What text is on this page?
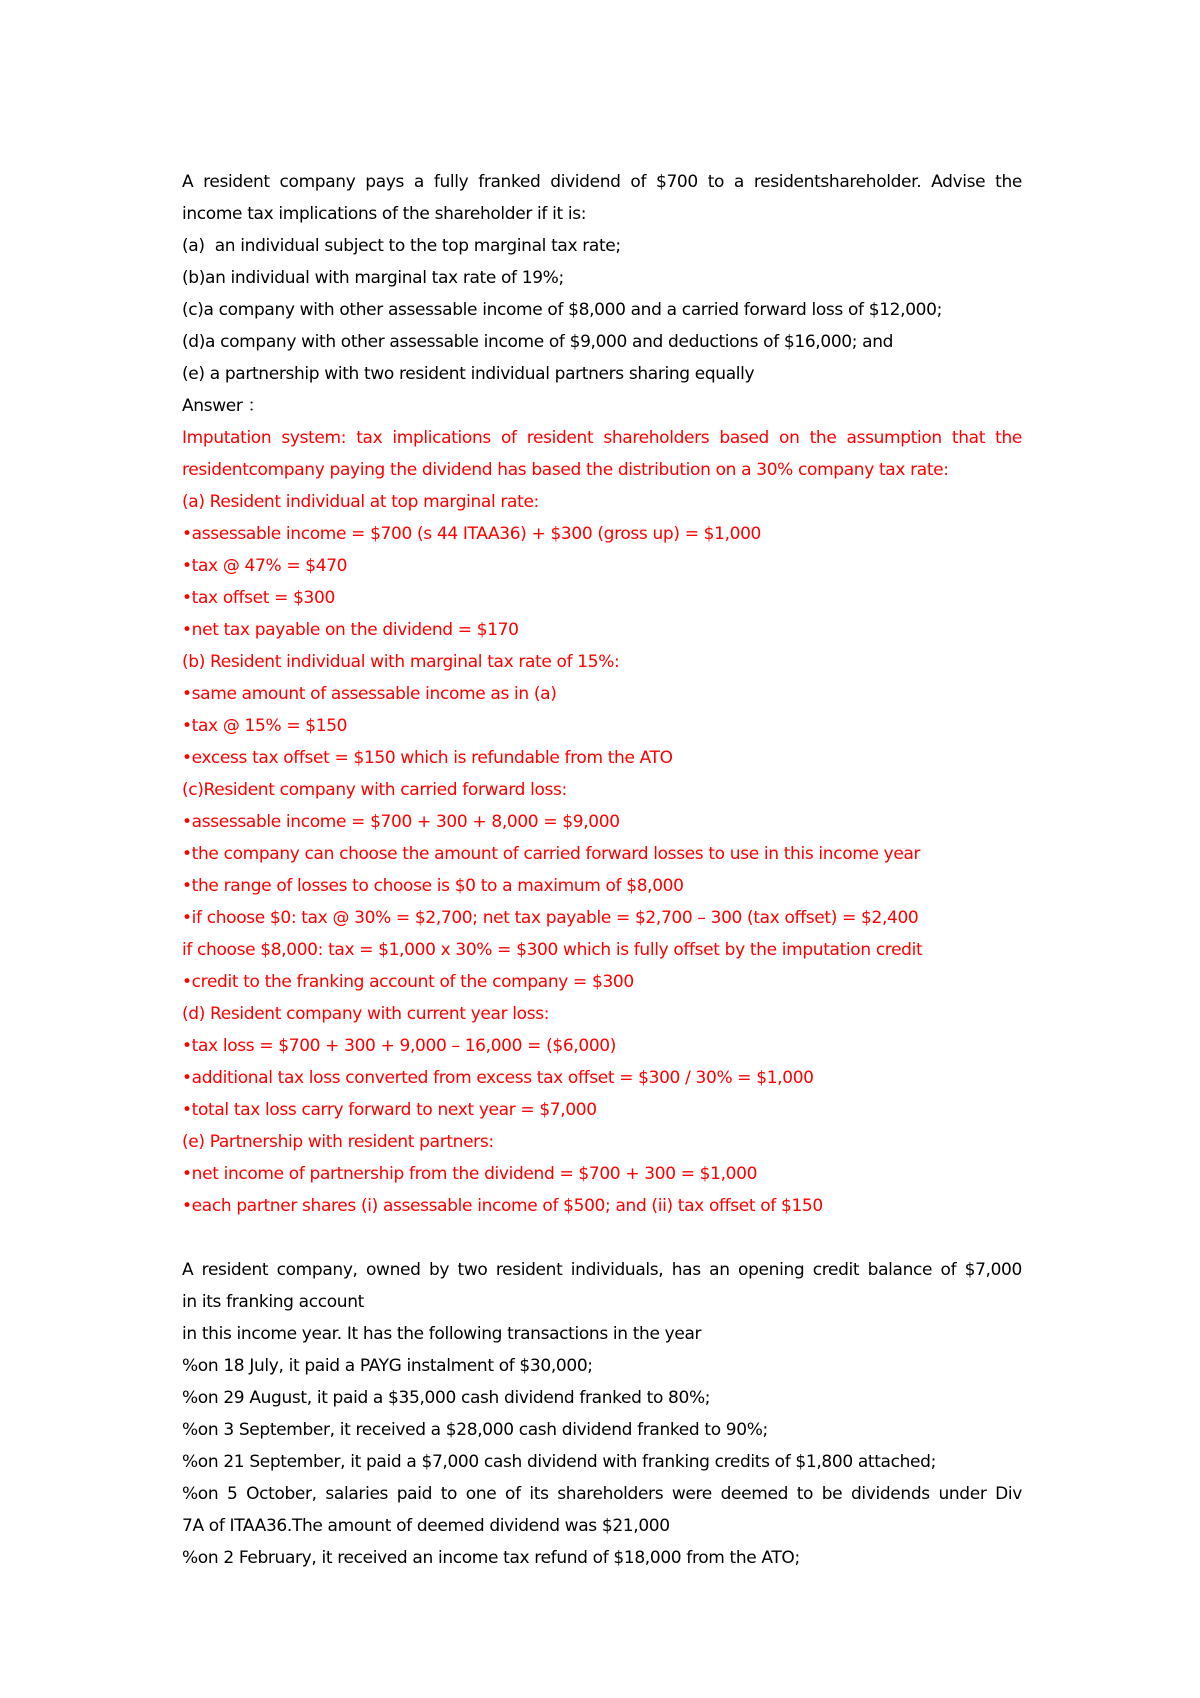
A resident company pays a fully franked dividend of $700 to a residentshareholder. Advise the
income tax implications of the shareholder if it is:
(a)  an individual subject to the top marginal tax rate;
(b)an individual with marginal tax rate of 19%;
(c)a company with other assessable income of $8,000 and a carried forward loss of $12,000;
(d)a company with other assessable income of $9,000 and deductions of $16,000; and
(e) a partnership with two resident individual partners sharing equally
Answer ：
Imputation system: tax implications of resident shareholders based on the assumption that the
residentcompany paying the dividend has based the distribution on a 30% company tax rate:
(a) Resident individual at top marginal rate:
•assessable income = $700 (s 44 ITAA36) + $300 (gross up) = $1,000
•tax @ 47% = $470
•tax offset = $300
•net tax payable on the dividend = $170
(b) Resident individual with marginal tax rate of 15%:
•same amount of assessable income as in (a)
•tax @ 15% = $150
•excess tax offset = $150 which is refundable from the ATO
(c)Resident company with carried forward loss:
•assessable income = $700 + 300 + 8,000 = $9,000
•the company can choose the amount of carried forward losses to use in this income year
•the range of losses to choose is $0 to a maximum of $8,000
•if choose $0: tax @ 30% = $2,700; net tax payable = $2,700 – 300 (tax offset) = $2,400
if choose $8,000: tax = $1,000 x 30% = $300 which is fully offset by the imputation credit
•credit to the franking account of the company = $300
(d) Resident company with current year loss:
•tax loss = $700 + 300 + 9,000 – 16,000 = ($6,000)
•additional tax loss converted from excess tax offset = $300 / 30% = $1,000
•total tax loss carry forward to next year = $7,000
(e) Partnership with resident partners:
•net income of partnership from the dividend = $700 + 300 = $1,000
•each partner shares (i) assessable income of $500; and (ii) tax offset of $150
A resident company, owned by two resident individuals, has an opening credit balance of $7,000
in its franking account
in this income year. It has the following transactions in the year
%on 18 July, it paid a PAYG instalment of $30,000;
%on 29 August, it paid a $35,000 cash dividend franked to 80%;
%on 3 September, it received a $28,000 cash dividend franked to 90%;
%on 21 September, it paid a $7,000 cash dividend with franking credits of $1,800 attached;
%on 5 October, salaries paid to one of its shareholders were deemed to be dividends under Div
7A of ITAA36.The amount of deemed dividend was $21,000
%on 2 February, it received an income tax refund of $18,000 from the ATO;
